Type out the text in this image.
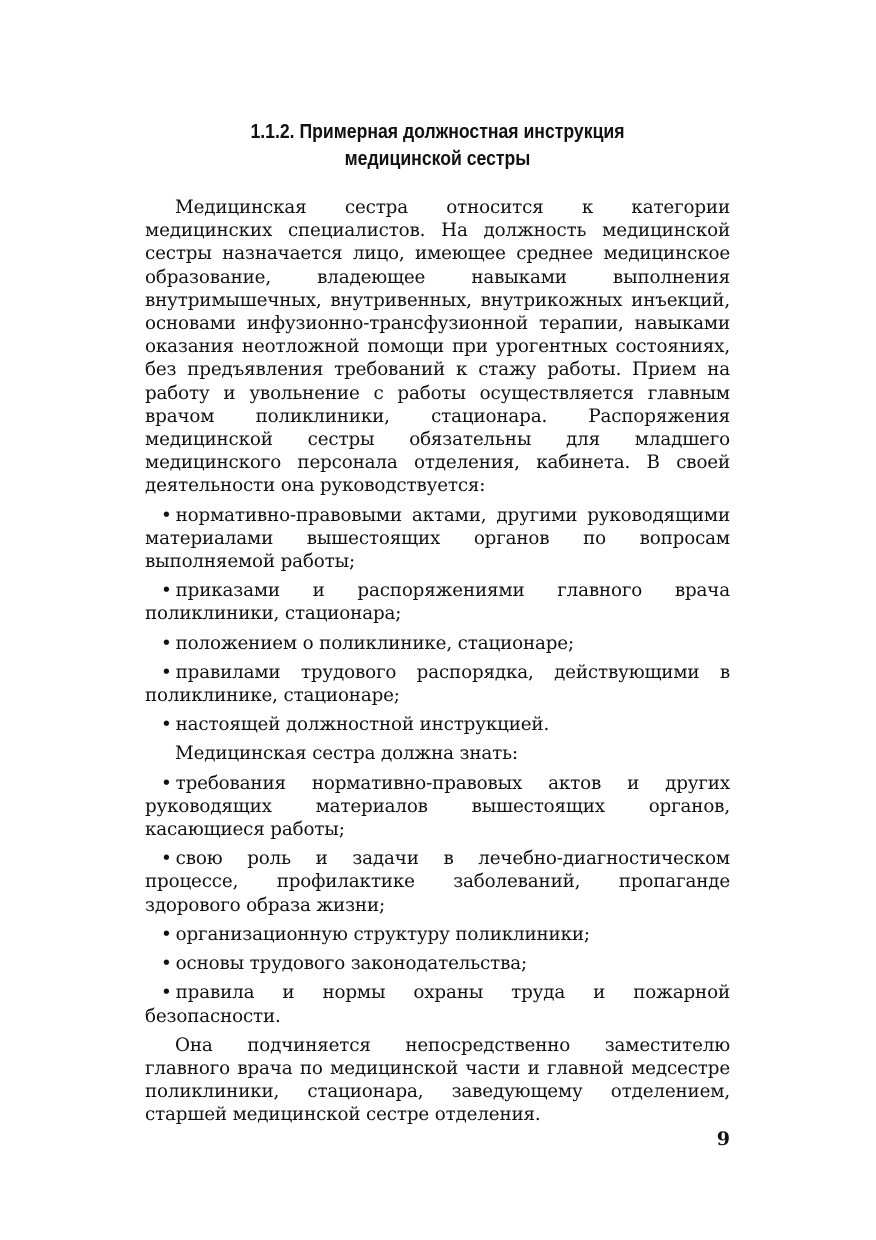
1.1.2. Примерная должностная инструкция
медицинской сестры

Медицинская сестра относится к категории медицинских специалистов. На должность медицинской сестры назначается лицо, имеющее среднее медицинское образование, владеющее навыками выполнения внутримышечных, внутривенных, внутрикожных инъекций, основами инфузионно-трансфузионной терапии, навыками оказания неотложной помощи при урогентных состояниях, без предъявления требований к стажу работы. Прием на работу и увольнение с работы осуществляется главным врачом поликлиники, стационара. Распоряжения медицинской сестры обязательны для младшего медицинского персонала отделения, кабинета. В своей деятельности она руководствуется:

• нормативно-правовыми актами, другими руководящими материалами вышестоящих органов по вопросам выполняемой работы;

• приказами и распоряжениями главного врача поликлиники, стационара;

• положением о поликлинике, стационаре;

• правилами трудового распорядка, действующими в поликлинике, стационаре;

• настоящей должностной инструкцией.

Медицинская сестра должна знать:

• требования нормативно-правовых актов и других руководящих материалов вышестоящих органов, касающиеся работы;

• свою роль и задачи в лечебно-диагностическом процессе, профилактике заболеваний, пропаганде здорового образа жизни;

• организационную структуру поликлиники;

• основы трудового законодательства;

• правила и нормы охраны труда и пожарной безопасности.

Она подчиняется непосредственно заместителю главного врача по медицинской части и главной медсестре поликлиники, стационара, заведующему отделением, старшей медицинской сестре отделения.

9
